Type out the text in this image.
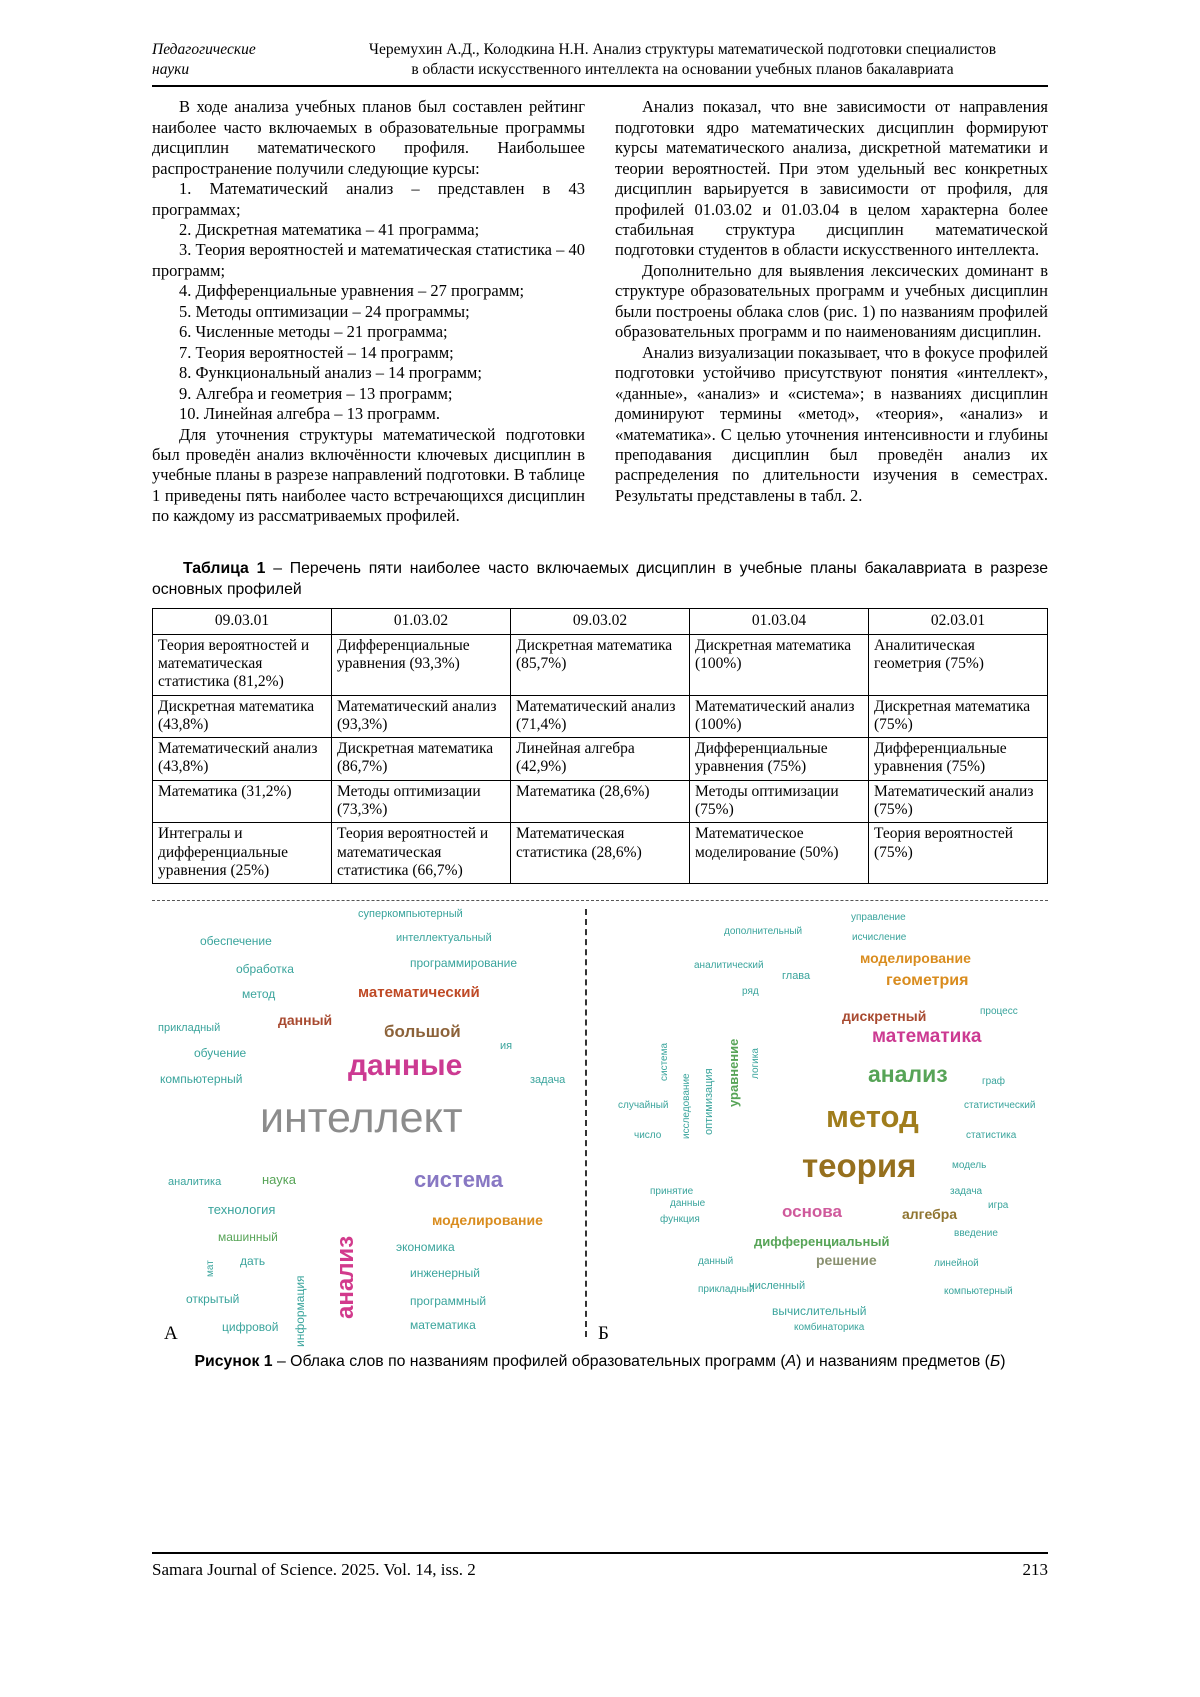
Педагогические
науки
Черемухин А.Д., Колодкина Н.Н. Анализ структуры математической подготовки специалистов
в области искусственного интеллекта на основании учебных планов бакалавриата

В ходе анализа учебных планов был составлен рейтинг наиболее часто включаемых в образовательные программы дисциплин математического профиля. Наибольшее распространение получили следующие курсы:

1. Математический анализ – представлен в 43 программах;

2. Дискретная математика – 41 программа;

3. Теория вероятностей и математическая статистика – 40 программ;

4. Дифференциальные уравнения – 27 программ;

5. Методы оптимизации – 24 программы;

6. Численные методы – 21 программа;

7. Теория вероятностей – 14 программ;

8. Функциональный анализ – 14 программ;

9. Алгебра и геометрия – 13 программ;

10. Линейная алгебра – 13 программ.

Для уточнения структуры математической подготовки был проведён анализ включённости ключевых дисциплин в учебные планы в разрезе направлений подготовки. В таблице 1 приведены пять наиболее часто встречающихся дисциплин по каждому из рассматриваемых профилей.

Анализ показал, что вне зависимости от направления подготовки ядро математических дисциплин формируют курсы математического анализа, дискретной математики и теории вероятностей. При этом удельный вес конкретных дисциплин варьируется в зависимости от профиля, для профилей 01.03.02 и 01.03.04 в целом характерна более стабильная структура дисциплин математической подготовки студентов в области искусственного интеллекта.

Дополнительно для выявления лексических доминант в структуре образовательных программ и учебных дисциплин были построены облака слов (рис. 1) по названиям профилей образовательных программ и по наименованиям дисциплин.

Анализ визуализации показывает, что в фокусе профилей подготовки устойчиво присутствуют понятия «интеллект», «данные», «анализ» и «система»; в названиях дисциплин доминируют термины «метод», «теория», «анализ» и «математика». С целью уточнения интенсивности и глубины преподавания дисциплин был проведён анализ их распределения по длительности изучения в семестрах. Результаты представлены в табл. 2.

Таблица 1 – Перечень пяти наиболее часто включаемых дисциплин в учебные планы бакалавриата в разрезе основных профилей

09.03.01	01.03.02	09.03.02	01.03.04	02.03.01
Теория вероятностей и математическая статистика (81,2%)	Дифференциальные уравнения (93,3%)	Дискретная математика (85,7%)	Дискретная математика (100%)	Аналитическая геометрия (75%)
Дискретная математика (43,8%)	Математический анализ (93,3%)	Математический анализ (71,4%)	Математический анализ (100%)	Дискретная математика (75%)
Математический анализ (43,8%)	Дискретная математика (86,7%)	Линейная алгебра (42,9%)	Дифференциальные уравнения (75%)	Дифференциальные уравнения (75%)
Математика (31,2%)	Методы оптимизации (73,3%)	Математика (28,6%)	Методы оптимизации (75%)	Математический анализ (75%)
Интегралы и дифференциальные уравнения (25%)	Теория вероятностей и математическая статистика (66,7%)	Математическая статистика (28,6%)	Математическое моделирование (50%)	Теория вероятностей (75%)
суперкомпьютерный
обеспечение	интеллектуальный
программирование
обработка
метод	математический
данный
большой
прикладный
обучение	ия
данные
компьютерный	задача
интеллект
аналитика	наука	система
технология
моделирование
машинный анализ	экономика
мат дать
инженерный
открытый	информация	программный
цифровой	математика
управление
дополнительный
исчисление
моделирование
аналитический
глава	геометрия
ряд
дискретный	процесс
математика
система	уравнение логика	анализ	граф
исследование оптимизация
случайный	статистический
метод
число	статистика
модель
теория
принятие	задача
данные	игра
основа	алгебра
функция
введение
дифференциальный
данный	решение	линейной
численный
прикладный	компьютерный
вычислительный
комбинаторика
А	Б

Рисунок 1 – Облака слов по названиям профилей образовательных программ (А) и названиям предметов (Б)

Samara Journal of Science. 2025. Vol. 14, iss. 2	213
